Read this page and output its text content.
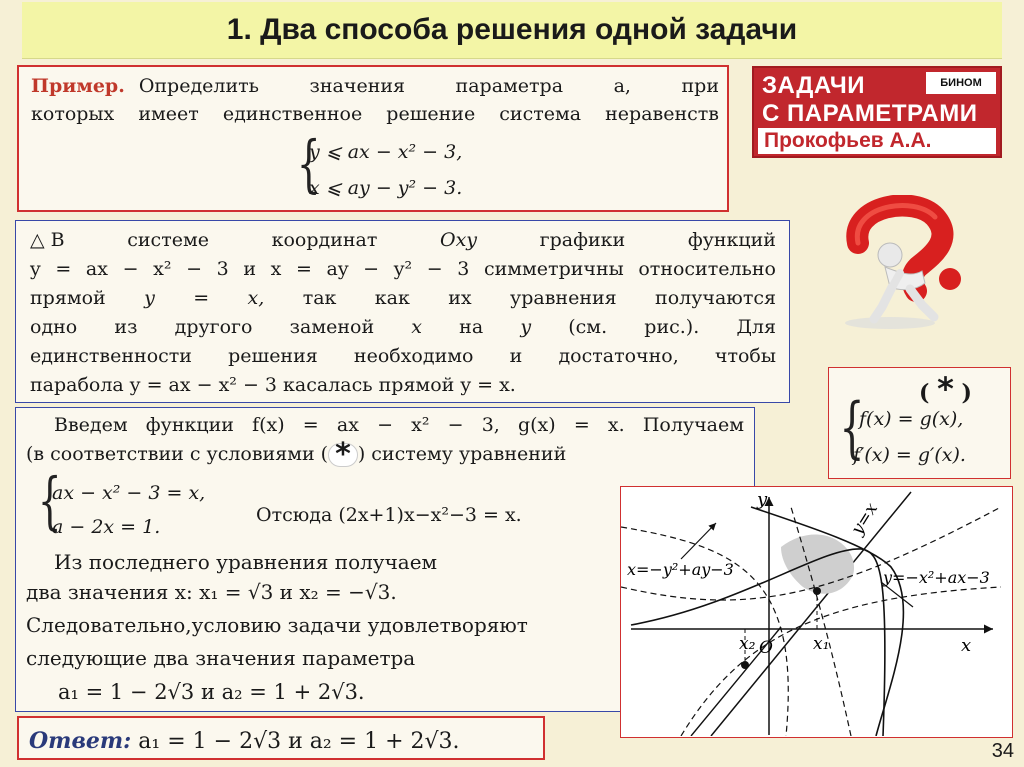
1. Два способа решения одной задачи
Пример. Определить значения параметра a, при
которых имеет единственное решение система неравенств
{
y ⩽ ax − x² − 3,
x ⩽ ay − y² − 3.
ЗАДАЧИ
С ПАРАМЕТРАМИ
БИНОМ
Прокофьев А.А.
△ В	системе	координат	Oxy	графики	функций
y = ax − x² − 3 и x = ay − y² − 3 симметричны относительно
прямой y = x, так как их уравнения получаются
одно из другого заменой x на y (см. рис.). Для
единственности решения необходимо и достаточно, чтобы
парабола y = ax − x² − 3 касалась прямой y = x.
Введем функции f(x) = ax − x² − 3, g(x) = x. Получаем
(в соответствии с условиями ( * ) систему уравнений
{
ax − x² − 3 = x,
a − 2x = 1.
Отсюда (2x+1)x−x²−3 = x.
Из последнего уравнения получаем
два значения x: x₁ = √3 и x₂ = −√3.
Следовательно,условию задачи удовлетворяют
следующие два значения параметра
a₁ = 1 − 2√3 и a₂ = 1 + 2√3.
( * )
{
f(x) = g(x),
f′(x) = g′(x).
y
x
y=x
x=−y²+ay−3	y=−x²+ax−3
x₁
x₂ O
Ответ: a₁ = 1 − 2√3 и a₂ = 1 + 2√3.	34
